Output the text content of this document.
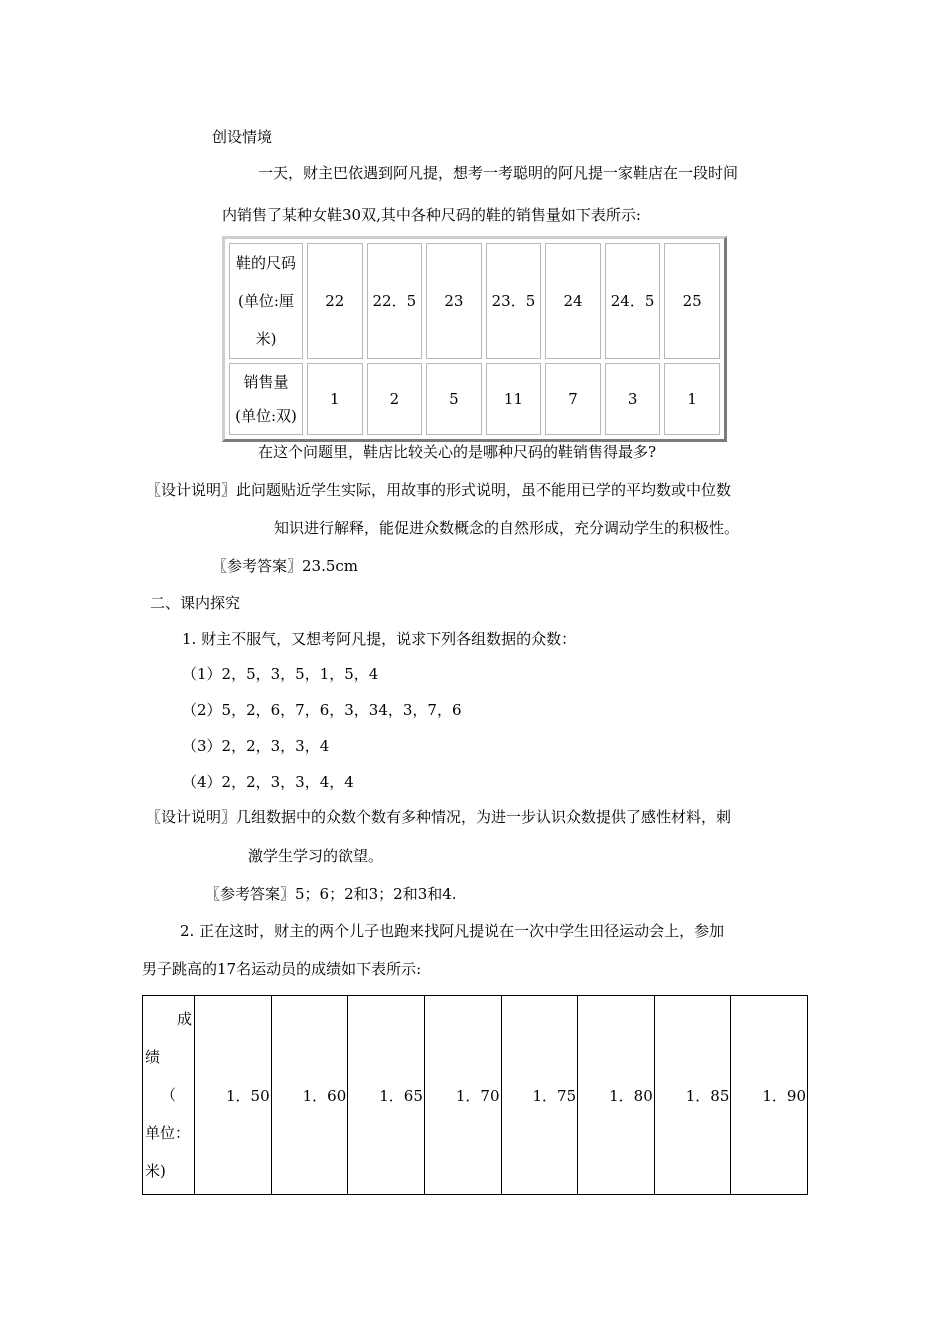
创设情境
一天，财主巴依遇到阿凡提，想考一考聪明的阿凡提一家鞋店在一段时间
内销售了某种女鞋30双,其中各种尺码的鞋的销售量如下表所示:
鞋的尺码
(单位:厘
米)	22	22．5	23	23．5	24	24．5	25

销售量
(单位:双)	1	2	5	11	7	3	1
在这个问题里，鞋店比较关心的是哪种尺码的鞋销售得最多?
〖设计说明〗此问题贴近学生实际，用故事的形式说明，虽不能用已学的平均数或中位数
知识进行解释，能促进众数概念的自然形成，充分调动学生的积极性。
〖参考答案〗23.5cm
二、课内探究
1. 财主不服气，又想考阿凡提，说求下列各组数据的众数：
（1）2，5，3，5，1，5，4
（2）5，2，6，7，6，3，34，3，7，6
（3）2，2，3，3，4
（4）2，2，3，3，4，4
〖设计说明〗几组数据中的众数个数有多种情况，为进一步认识众数提供了感性材料，刺
激学生学习的欲望。
〖参考答案〗5；6；2和3；2和3和4.
2. 正在这时，财主的两个儿子也跑来找阿凡提说在一次中学生田径运动会上，参加
男子跳高的17名运动员的成绩如下表所示:
成
绩
（
单位：
米)
	1．50	1．60	1．65	1．70	1．75	1．80	1．85	1．90
